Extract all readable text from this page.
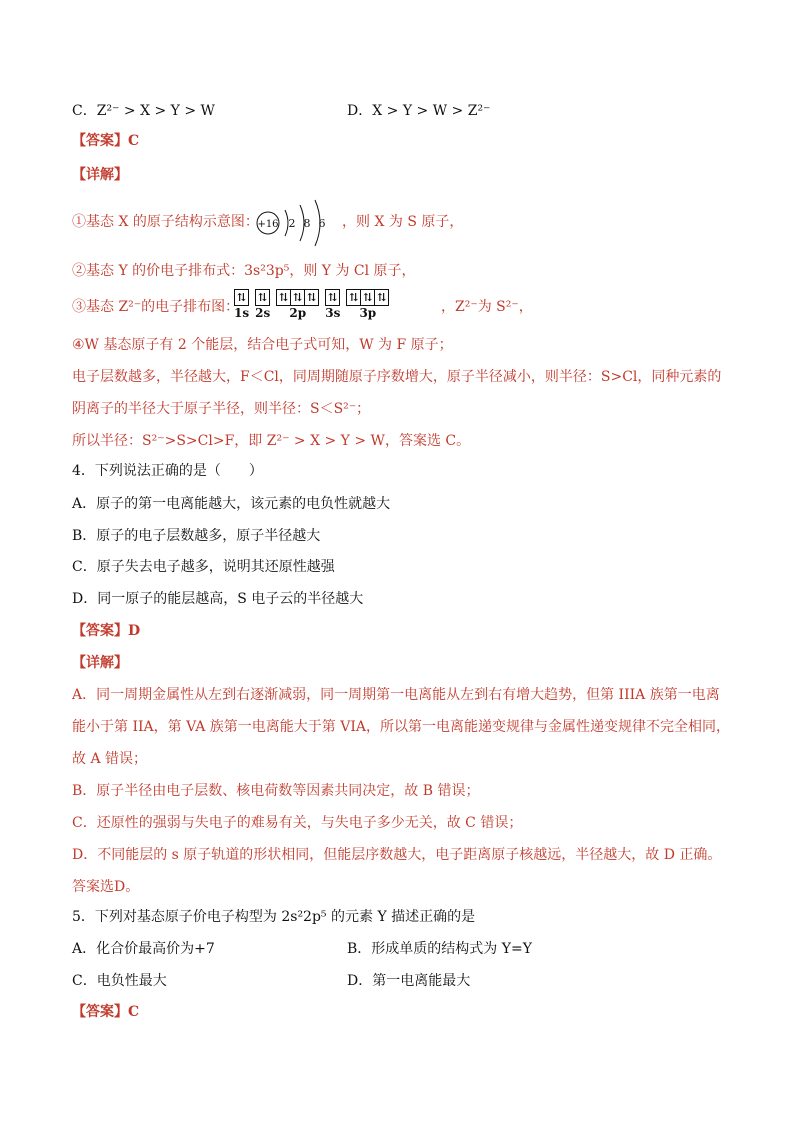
C．Z²⁻ > X > Y > W	D．X > Y > W > Z²⁻
【答案】C
【详解】
①基态 X 的原子结构示意图：
+16 2 8 6 ，则 X 为 S 原子，
②基态 Y 的价电子排布式：3s²3p⁵，则 Y 为 Cl 原子，
③基态 Z²⁻的电子排布图：
⇅
1s
⇅
2s
⇅ ⇅ ⇅
2p
⇅
3s
⇅ ⇅ ⇅
3p	，Z²⁻为 S²⁻，
④W 基态原子有 2 个能层，结合电子式可知，W 为 F 原子；
电子层数越多，半径越大，F＜Cl，同周期随原子序数增大，原子半径减小，则半径：S>Cl，同种元素的
阴离子的半径大于原子半径，则半径：S＜S²⁻；
所以半径：S²⁻>S>Cl>F，即 Z²⁻ > X > Y > W，答案选 C。
4．下列说法正确的是（　　）
A．原子的第一电离能越大，该元素的电负性就越大
B．原子的电子层数越多，原子半径越大
C．原子失去电子越多，说明其还原性越强
D．同一原子的能层越高，S 电子云的半径越大
【答案】D
【详解】
A．同一周期金属性从左到右逐渐减弱，同一周期第一电离能从左到右有增大趋势，但第 IIIA 族第一电离
能小于第 IIA，第 VA 族第一电离能大于第 VIA，所以第一电离能递变规律与金属性递变规律不完全相同，
故 A 错误；
B．原子半径由电子层数、核电荷数等因素共同决定，故 B 错误；
C．还原性的强弱与失电子的难易有关，与失电子多少无关，故 C 错误；
D．不同能层的 s 原子轨道的形状相同，但能层序数越大，电子距离原子核越远，半径越大，故 D 正确。
答案选D。
5．下列对基态原子价电子构型为 2s²2p⁵ 的元素 Y 描述正确的是
A．化合价最高价为+7	B．形成单质的结构式为 Y=Y
C．电负性最大	D．第一电离能最大
【答案】C
